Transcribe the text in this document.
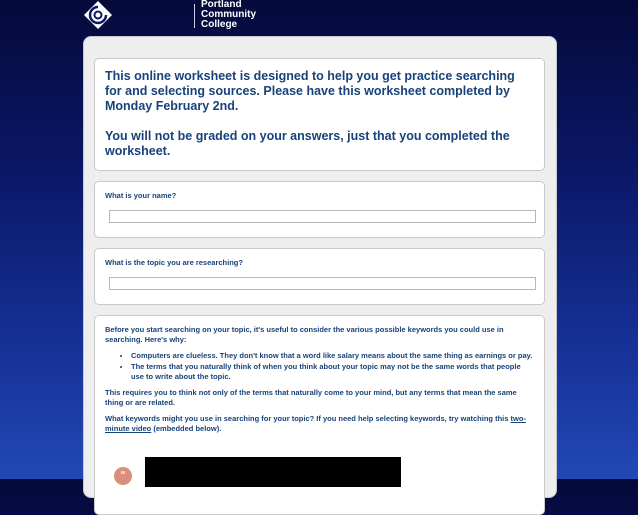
Portland
Community
College

This online worksheet is designed to help you get practice searching for and selecting sources. Please have this worksheet completed by Monday February 2nd.

You will not be graded on your answers, just that you completed the worksheet.

What is your name?
What is the topic you are researching?

Before you start searching on your topic, it's useful to consider the various possible keywords you could use in searching. Here's why:

• Computers are clueless. They don't know that a word like salary means about the same thing as earnings or pay.
• The terms that you naturally think of when you think about your topic may not be the same words that people use to write about the topic.

This requires you to think not only of the terms that naturally come to your mind, but any terms that mean the same thing or are related.

What keywords might you use in searching for your topic? If you need help selecting keywords, try watching this two-minute video (embedded below).

“
